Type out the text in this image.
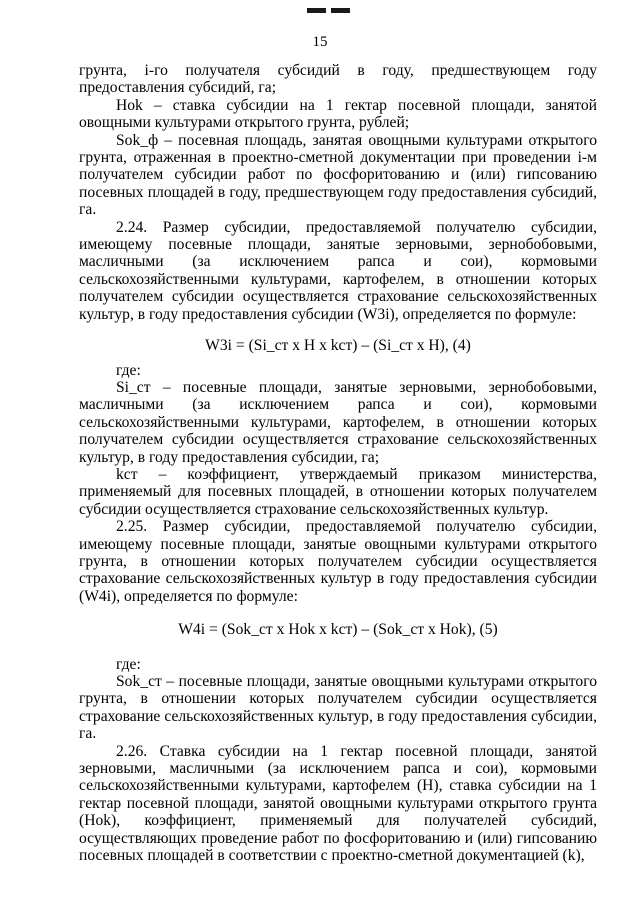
15

грунта, i-го получателя субсидий в году, предшествующем году предоставления субсидий, га;

Hok – ставка субсидии на 1 гектар посевной площади, занятой овощными культурами открытого грунта, рублей;

Sok_ф – посевная площадь, занятая овощными культурами открытого грунта, отраженная в проектно-сметной документации при проведении i-м получателем субсидии работ по фосфоритованию и (или) гипсованию посевных площадей в году, предшествующем году предоставления субсидий, га.

2.24. Размер субсидии, предоставляемой получателю субсидии, имеющему посевные площади, занятые зерновыми, зернобобовыми, масличными (за исключением рапса и сои), кормовыми сельскохозяйственными культурами, картофелем, в отношении которых получателем субсидии осуществляется страхование сельскохозяйственных культур, в году предоставления субсидии (W3i), определяется по формуле:

W3i = (Si_ст x H x kст) – (Si_ст x H), (4)

где:

Si_ст – посевные площади, занятые зерновыми, зернобобовыми, масличными (за исключением рапса и сои), кормовыми сельскохозяйственными культурами, картофелем, в отношении которых получателем субсидии осуществляется страхование сельскохозяйственных культур, в году предоставления субсидии, га;

kст – коэффициент, утверждаемый приказом министерства, применяемый для посевных площадей, в отношении которых получателем субсидии осуществляется страхование сельскохозяйственных культур.

2.25. Размер субсидии, предоставляемой получателю субсидии, имеющему посевные площади, занятые овощными культурами открытого грунта, в отношении которых получателем субсидии осуществляется страхование сельскохозяйственных культур в году предоставления субсидии (W4i), определяется по формуле:

W4i = (Sok_ст x Hok x kст) – (Sok_ст x Hok), (5)

где:

Sok_ст – посевные площади, занятые овощными культурами открытого грунта, в отношении которых получателем субсидии осуществляется страхование сельскохозяйственных культур, в году предоставления субсидии, га.

2.26. Ставка субсидии на 1 гектар посевной площади, занятой зерновыми, масличными (за исключением рапса и сои), кормовыми сельскохозяйственными культурами, картофелем (H), ставка субсидии на 1 гектар посевной площади, занятой овощными культурами открытого грунта (Hok), коэффициент, применяемый для получателей субсидий, осуществляющих проведение работ по фосфоритованию и (или) гипсованию посевных площадей в соответствии с проектно-сметной документацией (k),
